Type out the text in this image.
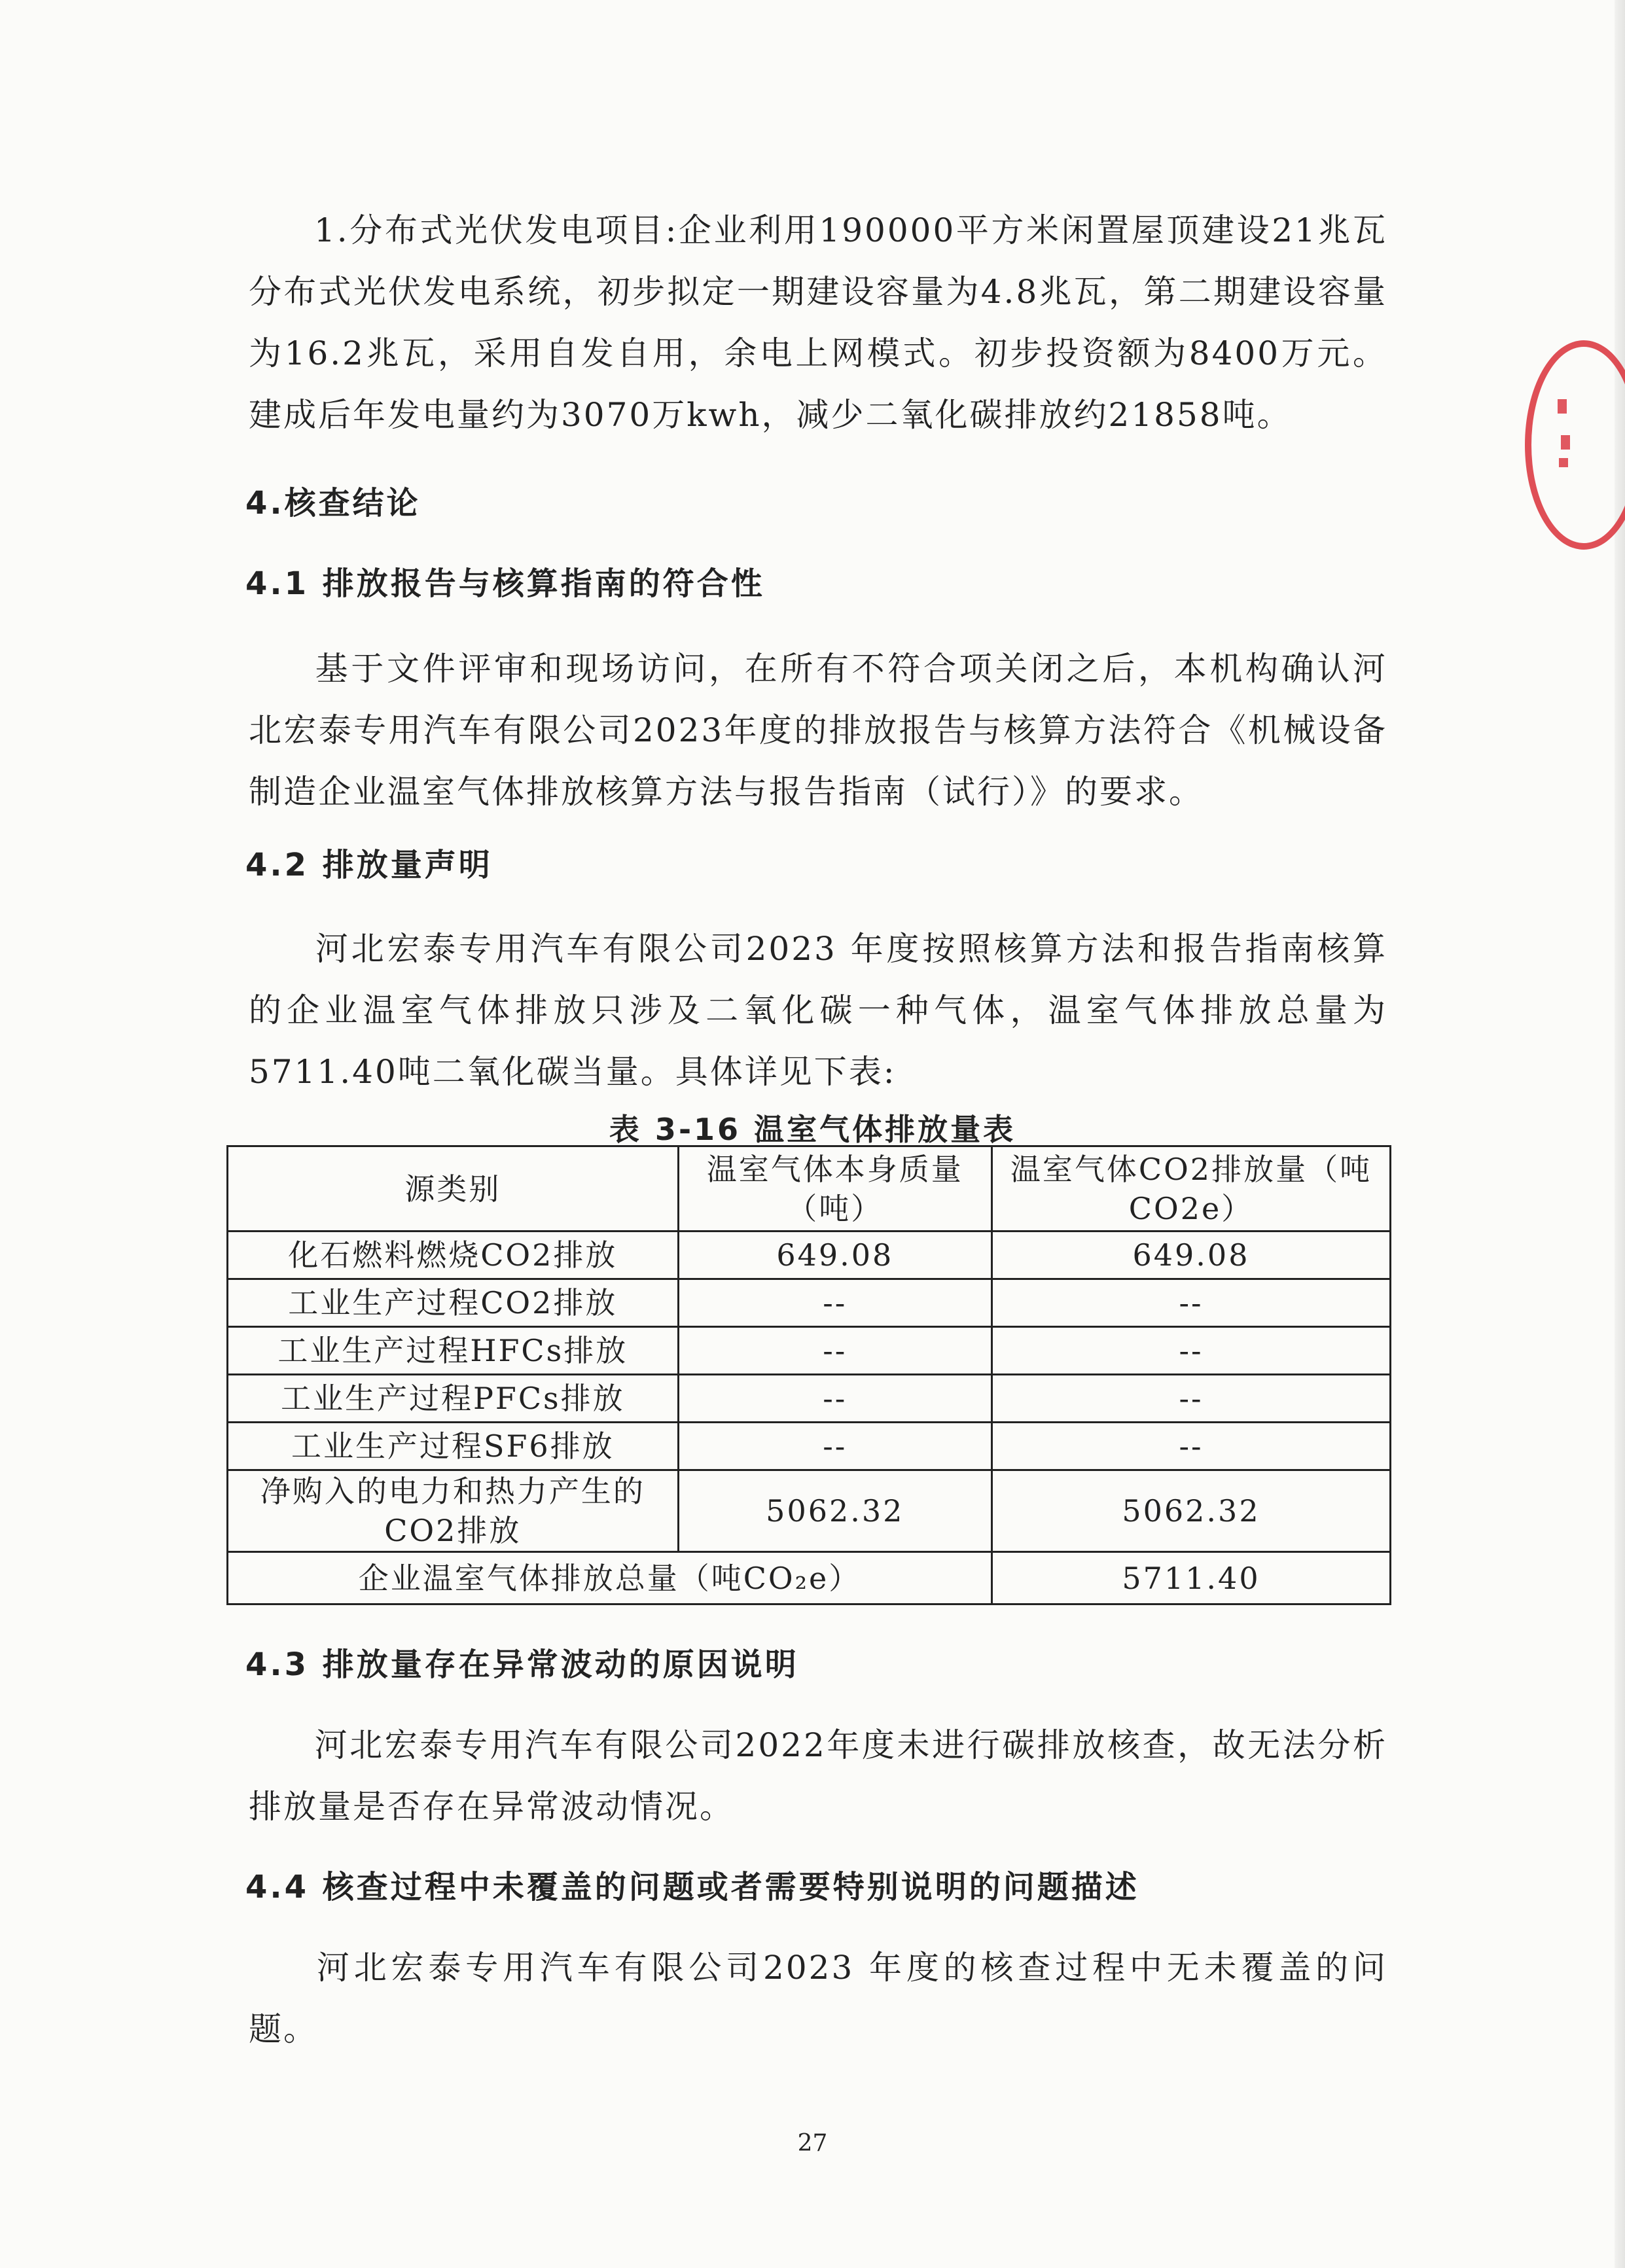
1.分布式光伏发电项目:企业利用190000平方米闲置屋顶建设21兆瓦分布式光伏发电系统，初步拟定一期建设容量为4.8兆瓦，第二期建设容量为16.2兆瓦，采用自发自用，余电上网模式。初步投资额为8400万元。建成后年发电量约为3070万kwh，减少二氧化碳排放约21858吨。

4.核查结论
4.1 排放报告与核算指南的符合性

基于文件评审和现场访问，在所有不符合项关闭之后，本机构确认河北宏泰专用汽车有限公司2023年度的排放报告与核算方法符合《机械设备制造企业温室气体排放核算方法与报告指南（试行）》的要求。

4.2 排放量声明

河北宏泰专用汽车有限公司2023 年度按照核算方法和报告指南核算的企业温室气体排放只涉及二氧化碳一种气体，温室气体排放总量为5711.40吨二氧化碳当量。具体详见下表:

表 3-16 温室气体排放量表
源类别	温室气体本身质量（吨）	温室气体CO2排放量（吨CO2e）
化石燃料燃烧CO2排放	649.08	649.08
工业生产过程CO2排放	--	--
工业生产过程HFCs排放	--	--
工业生产过程PFCs排放	--	--
工业生产过程SF6排放	--	--
净购入的电力和热力产生的CO2排放	5062.32	5062.32
企业温室气体排放总量（吨CO₂e）		5711.40
4.3 排放量存在异常波动的原因说明

河北宏泰专用汽车有限公司2022年度未进行碳排放核查，故无法分析排放量是否存在异常波动情况。

4.4 核查过程中未覆盖的问题或者需要特别说明的问题描述

河北宏泰专用汽车有限公司2023 年度的核查过程中无未覆盖的问题。

27
